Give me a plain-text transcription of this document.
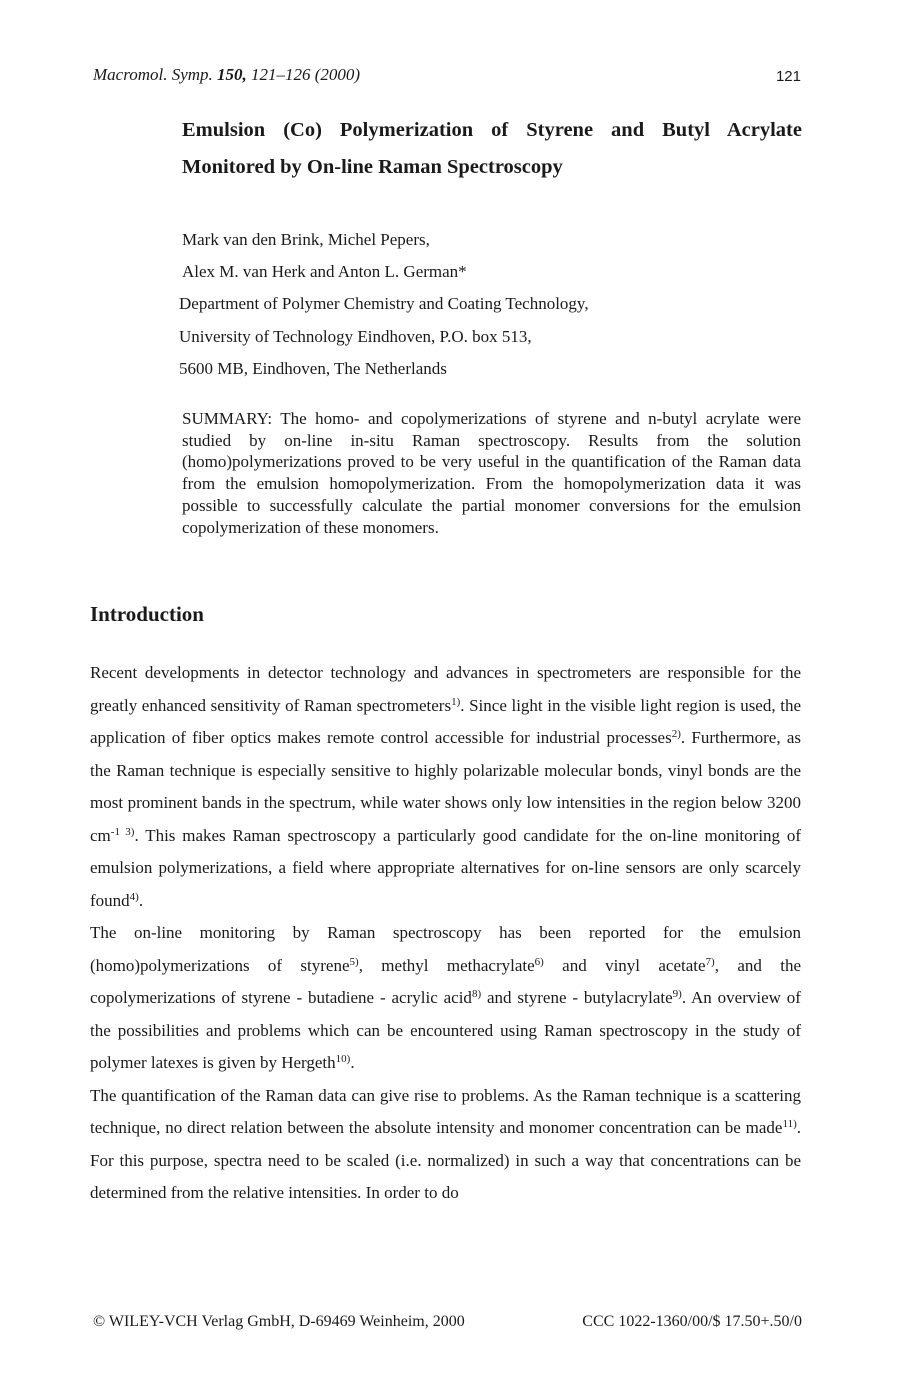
Macromol. Symp. 150, 121–126 (2000)	121
Emulsion (Co) Polymerization of Styrene and Butyl Acrylate
Monitored by On-line Raman Spectroscopy
Mark van den Brink, Michel Pepers,
Alex M. van Herk and Anton L. German*
Department of Polymer Chemistry and Coating Technology,
University of Technology Eindhoven, P.O. box 513,
5600 MB, Eindhoven, The Netherlands
SUMMARY: The homo- and copolymerizations of styrene and n-butyl acrylate were studied by on-line in-situ Raman spectroscopy. Results from the solution (homo)polymerizations proved to be very useful in the quantification of the Raman data from the emulsion homopolymerization. From the homopolymerization data it was possible to successfully calculate the partial monomer conversions for the emulsion copolymerization of these monomers.
Introduction

Recent developments in detector technology and advances in spectrometers are responsible for the greatly enhanced sensitivity of Raman spectrometers$^{1)}$. Since light in the visible light region is used, the application of fiber optics makes remote control accessible for industrial processes$^{2)}$. Furthermore, as the Raman technique is especially sensitive to highly polarizable molecular bonds, vinyl bonds are the most prominent bands in the spectrum, while water shows only low intensities in the region below 3200 $cm^{-1 3)}$. This makes Raman spectroscopy a particularly good candidate for the on-line monitoring of emulsion polymerizations, a field where appropriate alternatives for on-line sensors are only scarcely found$^{4)}$.

The on-line monitoring by Raman spectroscopy has been reported for the emulsion (homo)polymerizations of styrene$^{5)}$, methyl methacrylate$^{6)}$ and vinyl acetate$^{7)}$, and the copolymerizations of styrene - butadiene - acrylic acid$^{8)}$ and styrene - butylacrylate$^{9)}$. An overview of the possibilities and problems which can be encountered using Raman spectroscopy in the study of polymer latexes is given by Hergeth$^{10)}$.

The quantification of the Raman data can give rise to problems. As the Raman technique is a scattering technique, no direct relation between the absolute intensity and monomer concentration can be made$^{11)}$. For this purpose, spectra need to be scaled (i.e. normalized) in such a way that concentrations can be determined from the relative intensities. In order to do

© WILEY-VCH Verlag GmbH, D-69469 Weinheim, 2000	CCC 1022-1360/00/$ 17.50+.50/0
